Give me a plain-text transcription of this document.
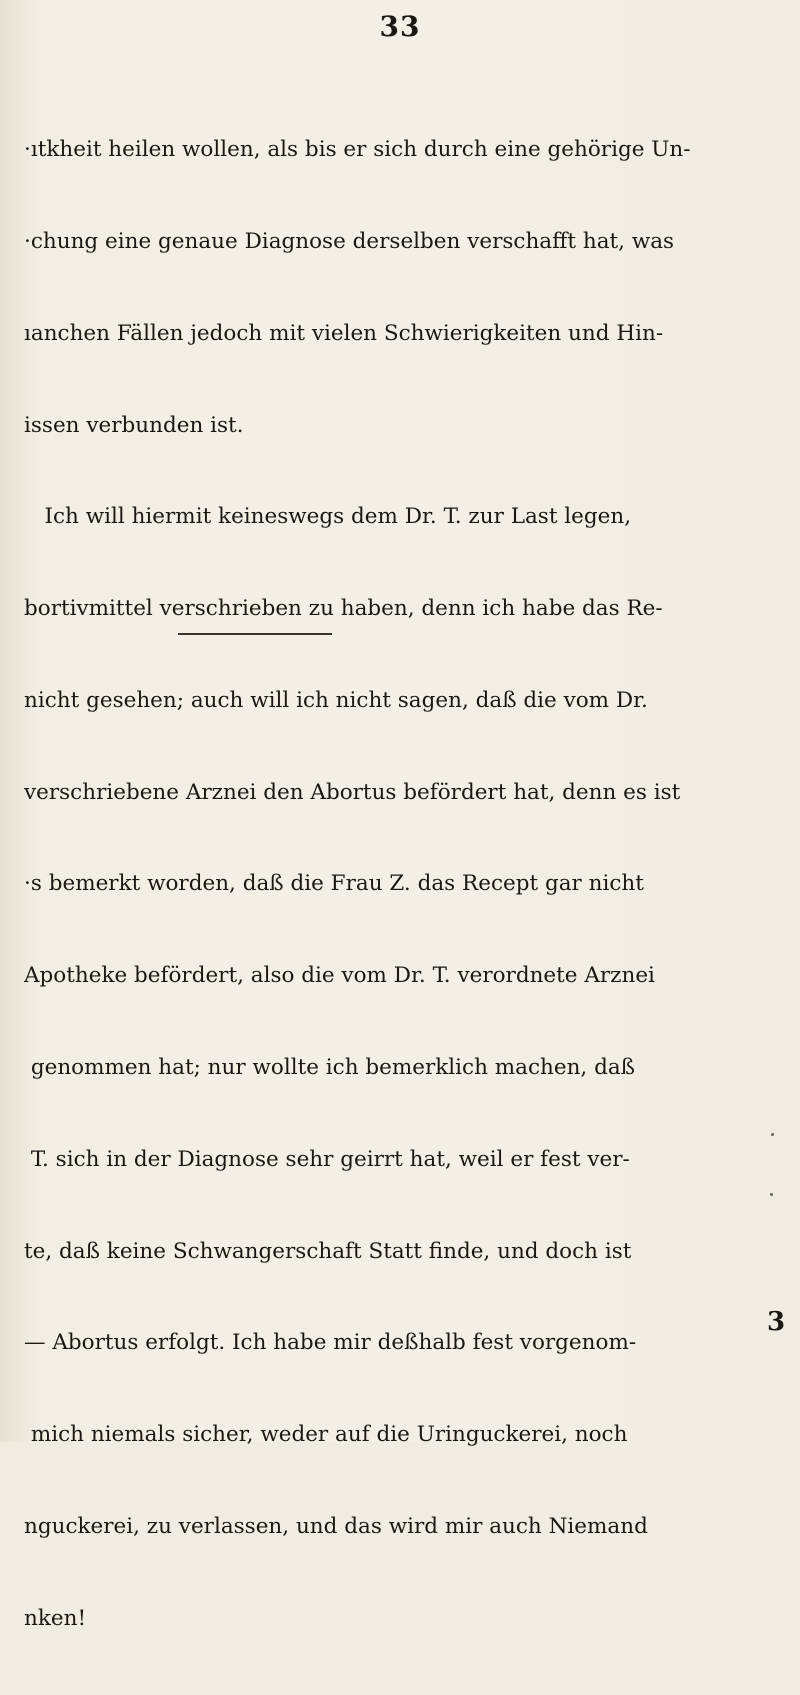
33

·ıtkheit heilen wollen, als bis er sich durch eine gehörige Un-

·chung eine genaue Diagnose derselben verschafft hat, was

ıanchen Fällen jedoch mit vielen Schwierigkeiten und Hin-

issen verbunden ist.

Ich will hiermit keineswegs dem Dr. T. zur Last legen,

bortivmittel verschrieben zu haben, denn ich habe das Re-

nicht gesehen; auch will ich nicht sagen, daß die vom Dr.

verschriebene Arznei den Abortus befördert hat, denn es ist

·s bemerkt worden, daß die Frau Z. das Recept gar nicht

Apotheke befördert, also die vom Dr. T. verordnete Arznei

genommen hat; nur wollte ich bemerklich machen, daß

T. sich in der Diagnose sehr geirrt hat, weil er fest ver-

te, daß keine Schwangerschaft Statt finde, und doch ist

— Abortus erfolgt. Ich habe mir deßhalb fest vorgenom-

mich niemals sicher, weder auf die Uringuckerei, noch

nguckerei, zu verlassen, und das wird mir auch Niemand

nken!

3
